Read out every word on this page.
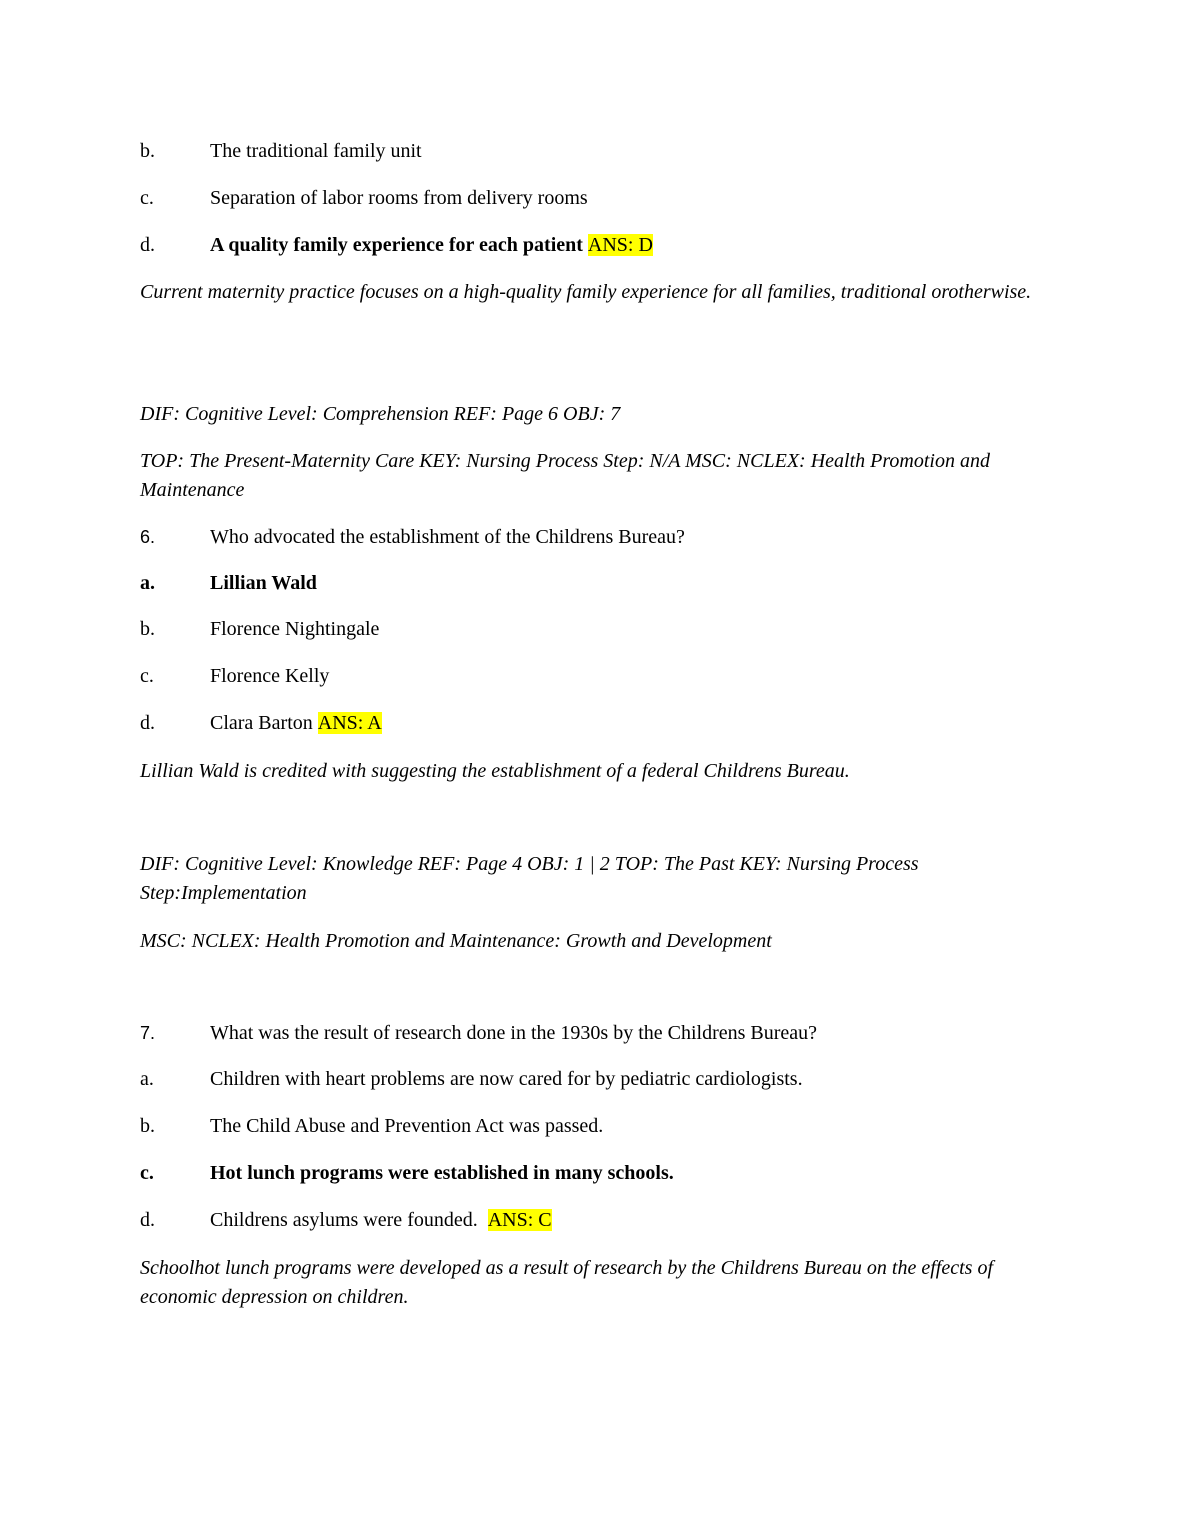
b.	The traditional family unit
c.	Separation of labor rooms from delivery rooms
d.	A quality family experience for each patient ANS: D
Current maternity practice focuses on a high-quality family experience for all families, traditional orotherwise.
DIF: Cognitive Level: Comprehension REF: Page 6 OBJ: 7
TOP: The Present-Maternity Care KEY: Nursing Process Step: N/A MSC: NCLEX: Health Promotion and Maintenance
6.	Who advocated the establishment of the Childrens Bureau?
a.	Lillian Wald
b.	Florence Nightingale
c.	Florence Kelly
d.	Clara Barton ANS: A
Lillian Wald is credited with suggesting the establishment of a federal Childrens Bureau.
DIF: Cognitive Level: Knowledge REF: Page 4 OBJ: 1 | 2 TOP: The Past KEY: Nursing Process Step:Implementation
MSC: NCLEX: Health Promotion and Maintenance: Growth and Development
7.	What was the result of research done in the 1930s by the Childrens Bureau?
a.	Children with heart problems are now cared for by pediatric cardiologists.
b.	The Child Abuse and Prevention Act was passed.
c.	Hot lunch programs were established in many schools.
d.	Childrens asylums were founded. ANS: C
Schoolhot lunch programs were developed as a result of research by the Childrens Bureau on the effects of economic depression on children.
